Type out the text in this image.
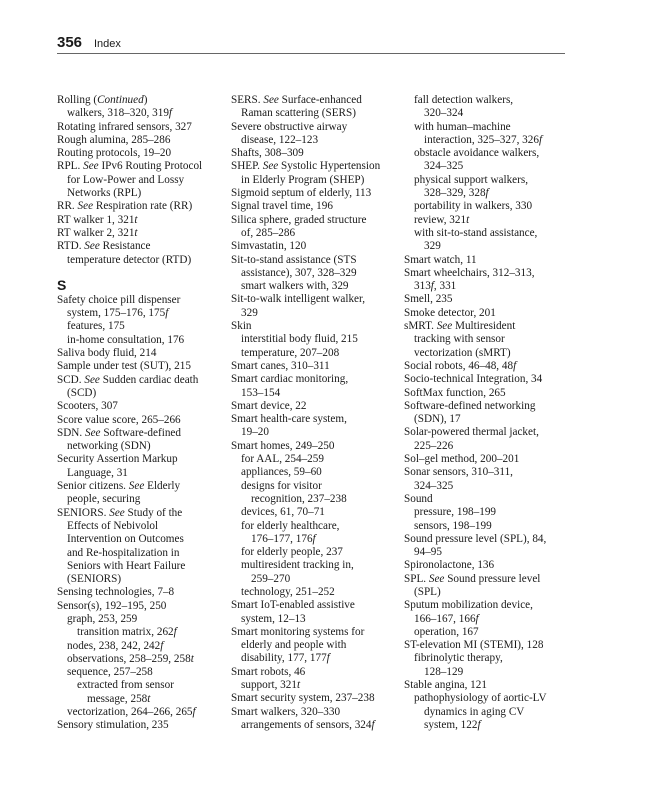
356 Index
Rolling (Continued)
walkers, 318–320, 319f
Rotating infrared sensors, 327
Rough alumina, 285–286
Routing protocols, 19–20
RPL. See IPv6 Routing Protocol
for Low-Power and Lossy
Networks (RPL)
RR. See Respiration rate (RR)
RT walker 1, 321t
RT walker 2, 321t
RTD. See Resistance
temperature detector (RTD)
S
Safety choice pill dispenser
system, 175–176, 175f
features, 175
in-home consultation, 176
Saliva body fluid, 214
Sample under test (SUT), 215
SCD. See Sudden cardiac death
(SCD)
Scooters, 307
Score value score, 265–266
SDN. See Software-defined
networking (SDN)
Security Assertion Markup
Language, 31
Senior citizens. See Elderly
people, securing
SENIORS. See Study of the
Effects of Nebivolol
Intervention on Outcomes
and Re-hospitalization in
Seniors with Heart Failure
(SENIORS)
Sensing technologies, 7–8
Sensor(s), 192–195, 250
graph, 253, 259
transition matrix, 262f
nodes, 238, 242, 242f
observations, 258–259, 258t
sequence, 257–258
extracted from sensor
message, 258t
vectorization, 264–266, 265f
Sensory stimulation, 235
SERS. See Surface-enhanced
Raman scattering (SERS)
Severe obstructive airway
disease, 122–123
Shafts, 308–309
SHEP. See Systolic Hypertension
in Elderly Program (SHEP)
Sigmoid septum of elderly, 113
Signal travel time, 196
Silica sphere, graded structure
of, 285–286
Simvastatin, 120
Sit-to-stand assistance (STS
assistance), 307, 328–329
smart walkers with, 329
Sit-to-walk intelligent walker,
329
Skin
interstitial body fluid, 215
temperature, 207–208
Smart canes, 310–311
Smart cardiac monitoring,
153–154
Smart device, 22
Smart health-care system,
19–20
Smart homes, 249–250
for AAL, 254–259
appliances, 59–60
designs for visitor
recognition, 237–238
devices, 61, 70–71
for elderly healthcare,
176–177, 176f
for elderly people, 237
multiresident tracking in,
259–270
technology, 251–252
Smart IoT-enabled assistive
system, 12–13
Smart monitoring systems for
elderly and people with
disability, 177, 177f
Smart robots, 46
support, 321t
Smart security system, 237–238
Smart walkers, 320–330
arrangements of sensors, 324f
fall detection walkers,
320–324
with human–machine
interaction, 325–327, 326f
obstacle avoidance walkers,
324–325
physical support walkers,
328–329, 328f
portability in walkers, 330
review, 321t
with sit-to-stand assistance,
329
Smart watch, 11
Smart wheelchairs, 312–313,
313f, 331
Smell, 235
Smoke detector, 201
sMRT. See Multiresident
tracking with sensor
vectorization (sMRT)
Social robots, 46–48, 48f
Socio-technical Integration, 34
SoftMax function, 265
Software-defined networking
(SDN), 17
Solar-powered thermal jacket,
225–226
Sol–gel method, 200–201
Sonar sensors, 310–311,
324–325
Sound
pressure, 198–199
sensors, 198–199
Sound pressure level (SPL), 84,
94–95
Spironolactone, 136
SPL. See Sound pressure level
(SPL)
Sputum mobilization device,
166–167, 166f
operation, 167
ST-elevation MI (STEMI), 128
fibrinolytic therapy,
128–129
Stable angina, 121
pathophysiology of aortic-LV
dynamics in aging CV
system, 122f
